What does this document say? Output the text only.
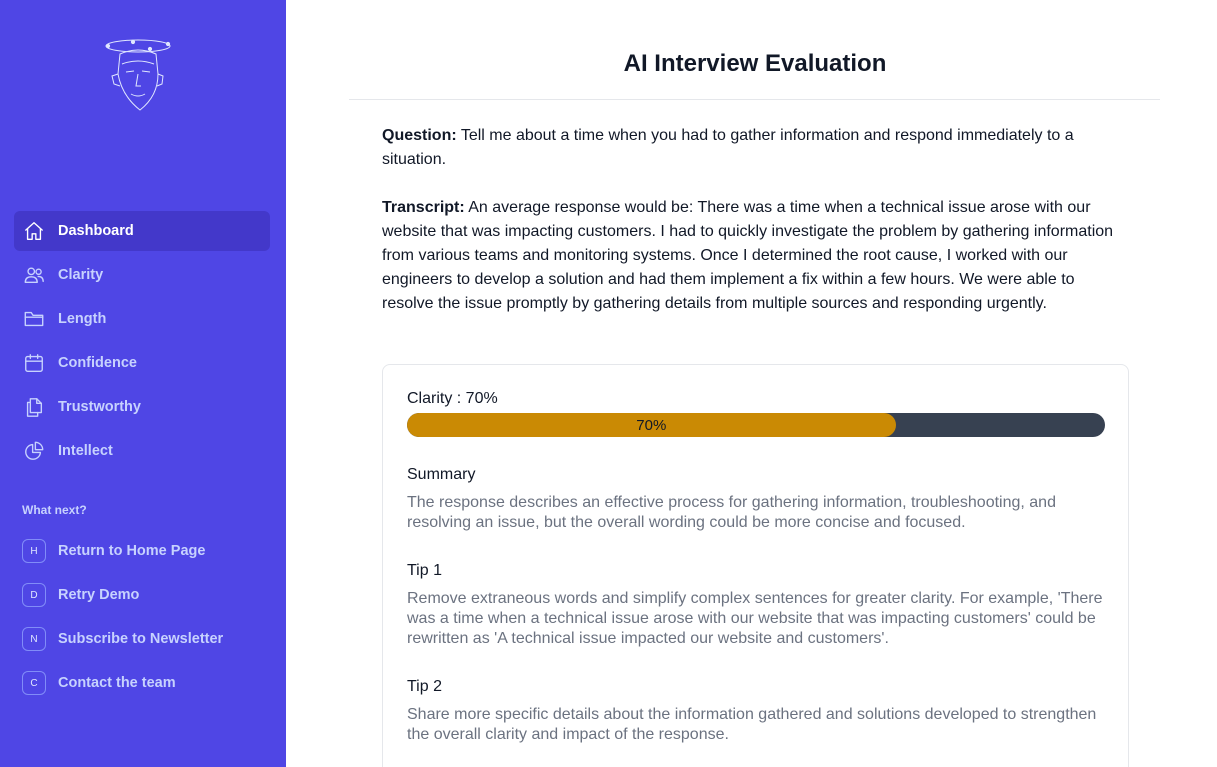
Dashboard
Clarity
Length
Confidence
Trustworthy
Intellect
What next?
H	Return to Home Page
D	Retry Demo
N	Subscribe to Newsletter
C	Contact the team
AI Interview Evaluation

Question: Tell me about a time when you had to gather information and respond immediately to a situation.

Transcript: An average response would be: There was a time when a technical issue arose with our website that was impacting customers. I had to quickly investigate the problem by gathering information from various teams and monitoring systems. Once I determined the root cause, I worked with our engineers to develop a solution and had them implement a fix within a few hours. We were able to resolve the issue promptly by gathering details from multiple sources and responding urgently.

Clarity : 70%
70%
Summary

The response describes an effective process for gathering information, troubleshooting, and resolving an issue, but the overall wording could be more concise and focused.

Tip 1

Remove extraneous words and simplify complex sentences for greater clarity. For example, 'There was a time when a technical issue arose with our website that was impacting customers' could be rewritten as 'A technical issue impacted our website and customers'.

Tip 2

Share more specific details about the information gathered and solutions developed to strengthen the overall clarity and impact of the response.
